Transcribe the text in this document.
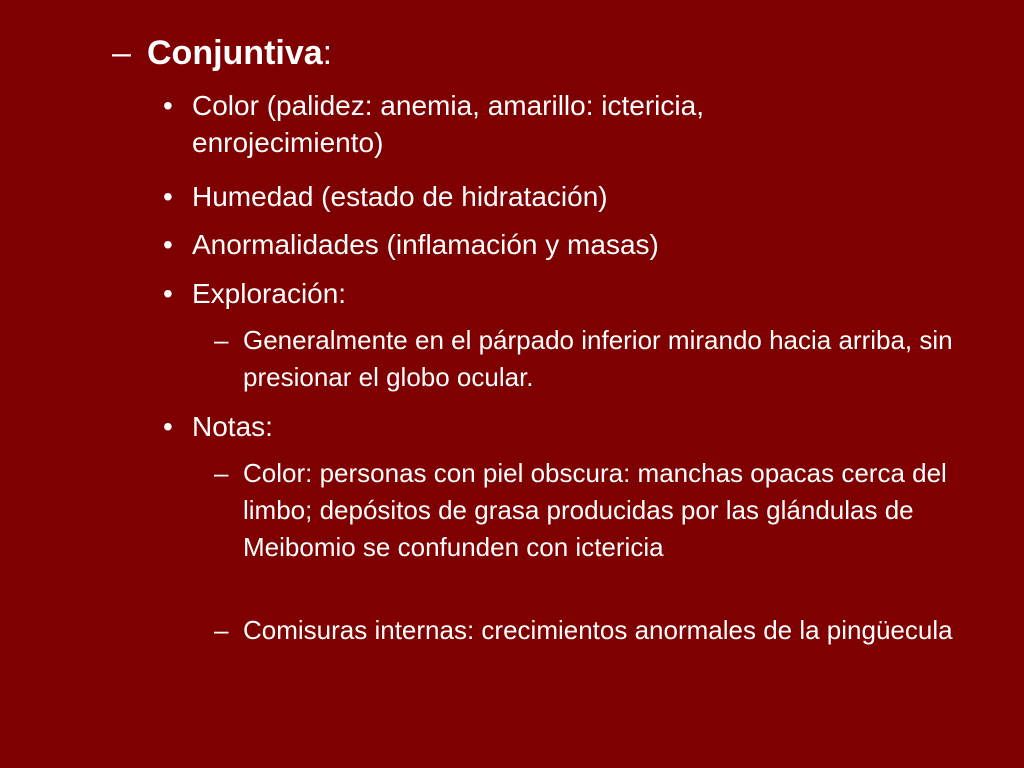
– Conjuntiva:
• Color (palidez: anemia, amarillo: ictericia, enrojecimiento)
• Humedad (estado de hidratación)
• Anormalidades (inflamación y masas)
• Exploración:
– Generalmente en el párpado inferior mirando hacia arriba, sin presionar el globo ocular.
• Notas:
– Color: personas con piel obscura: manchas opacas cerca del limbo; depósitos de grasa producidas por las glándulas de Meibomio se confunden con ictericia
– Comisuras internas: crecimientos anormales de la pingüecula
